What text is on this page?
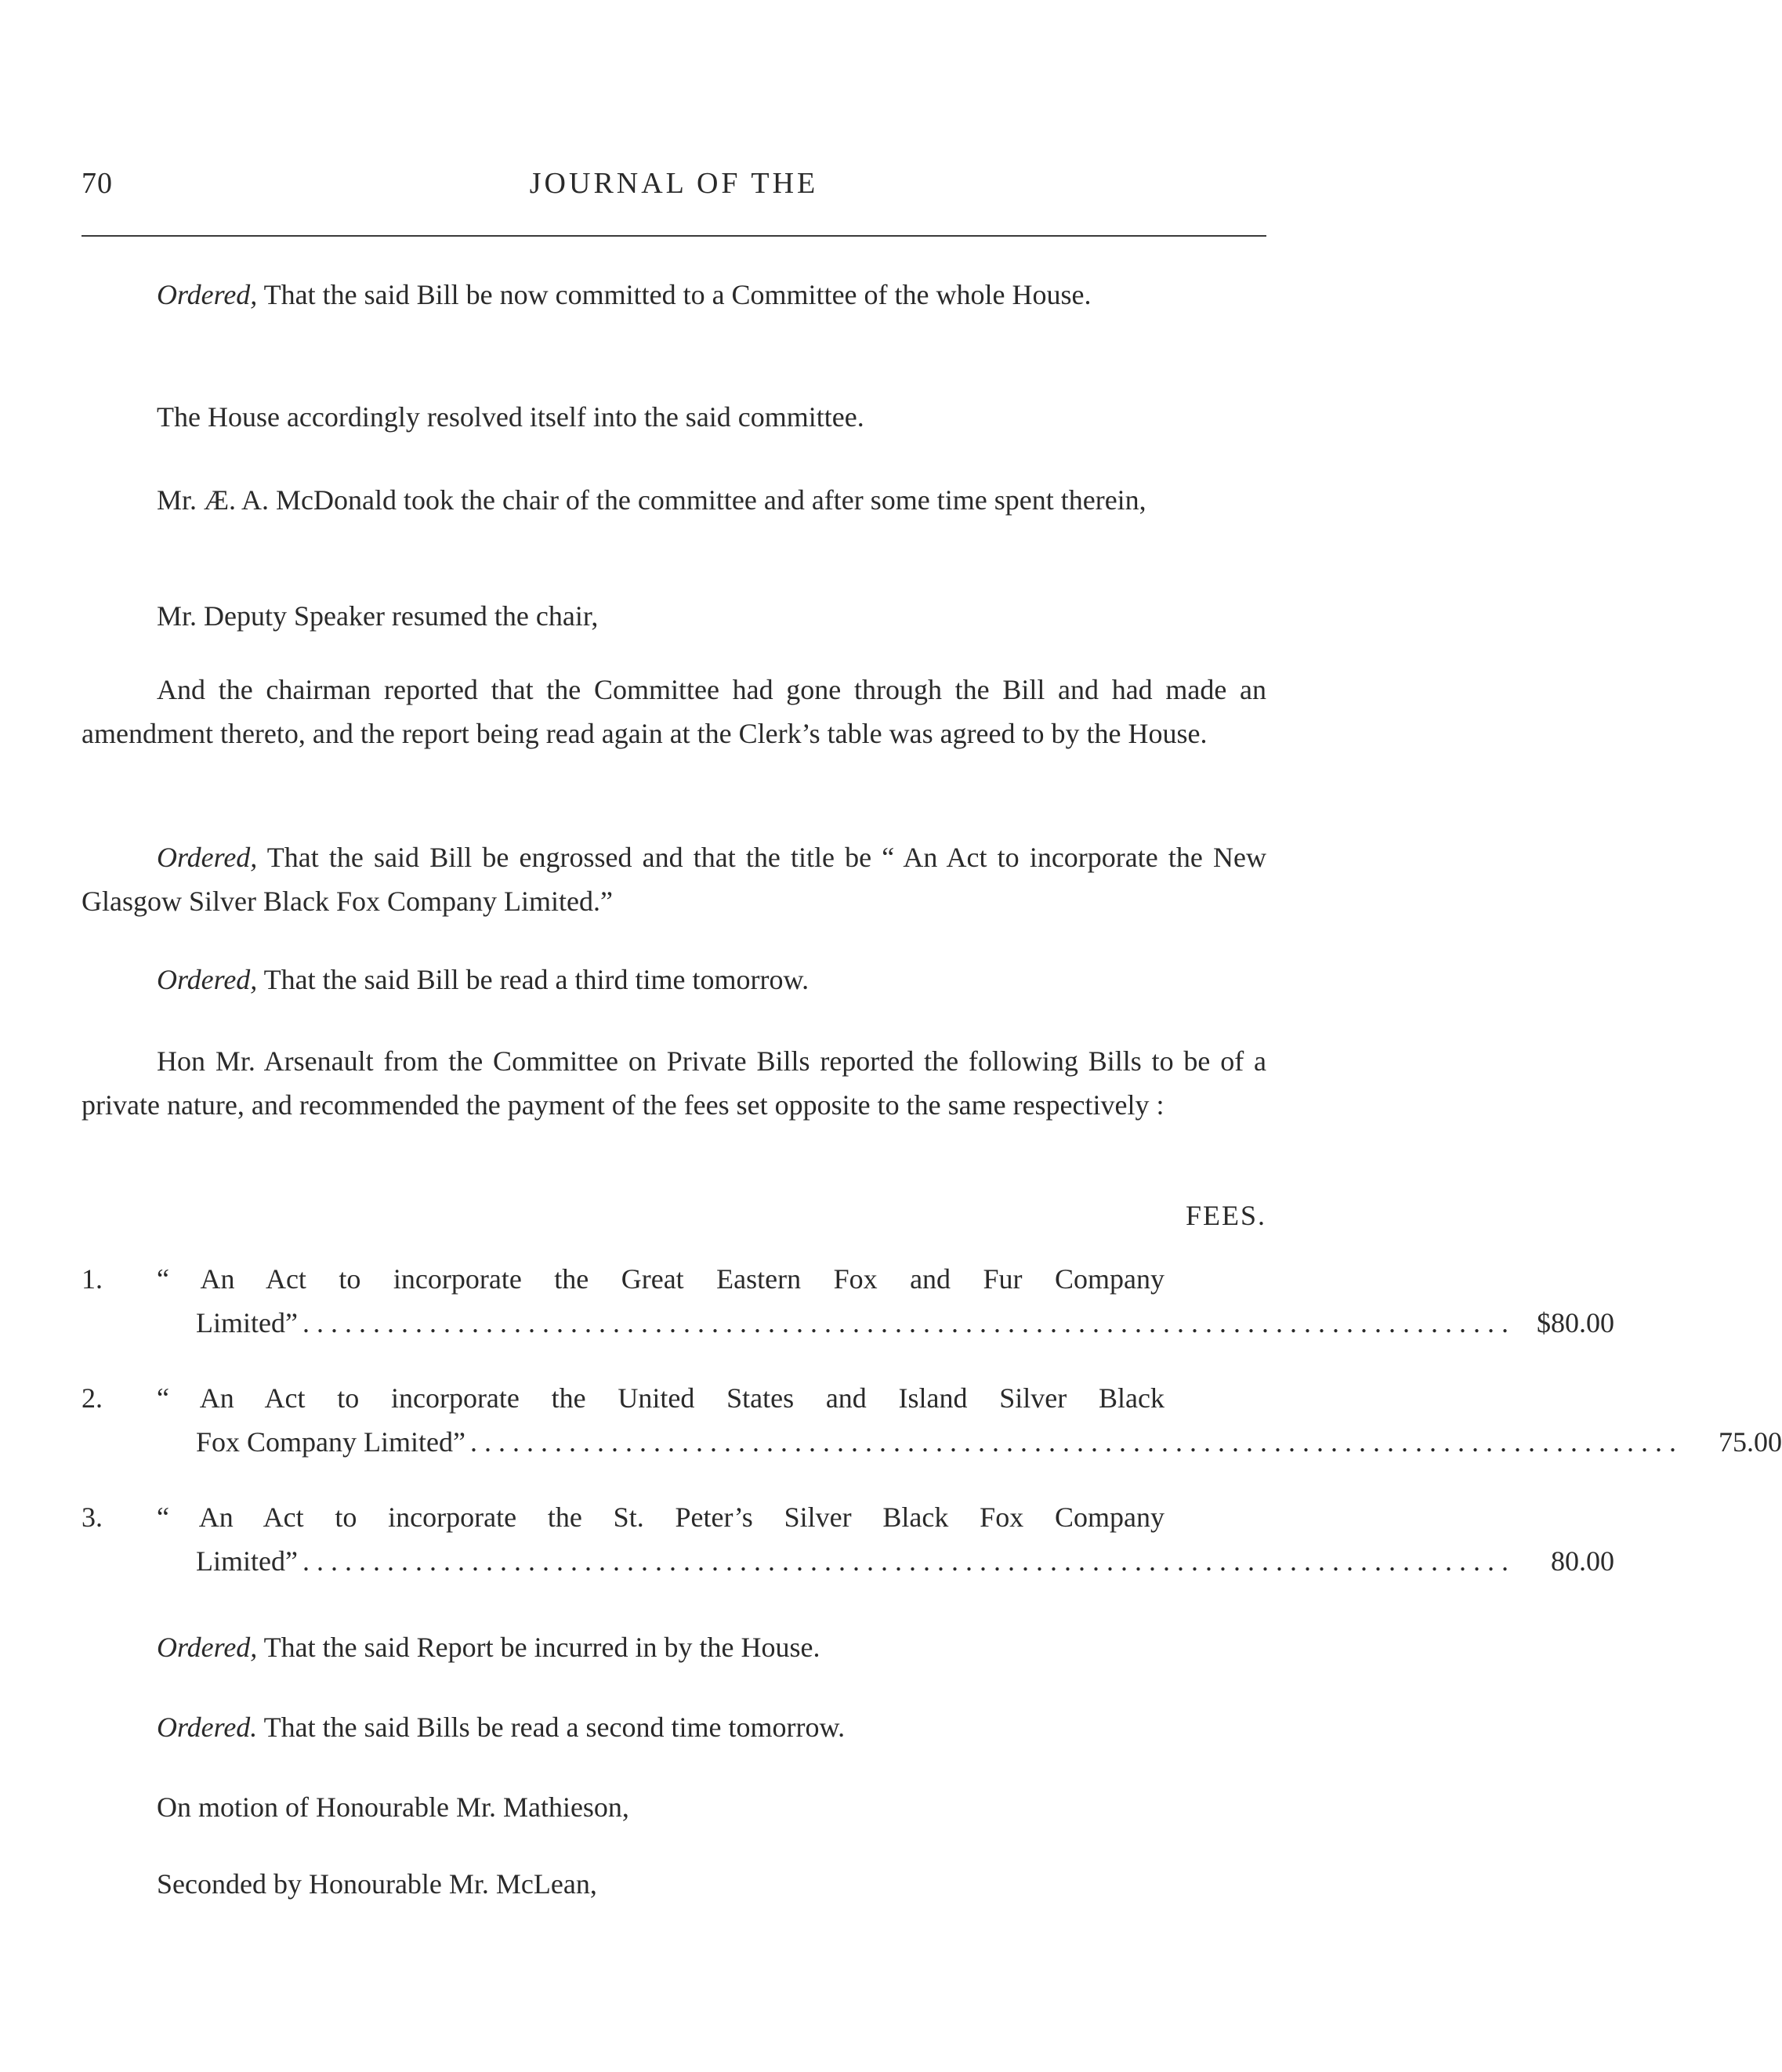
70	JOURNAL OF THE
Ordered, That the said Bill be now committed to a Committee of the whole House.
The House accordingly resolved itself into the said committee.
Mr. Æ. A. McDonald took the chair of the committee and after some time spent therein,
Mr. Deputy Speaker resumed the chair,
And the chairman reported that the Committee had gone through the Bill and had made an amendment thereto, and the report being read again at the Clerk’s table was agreed to by the House.
Ordered, That the said Bill be engrossed and that the title be “ An Act to incorporate the New Glasgow Silver Black Fox Company Limited.”
Ordered, That the said Bill be read a third time tomorrow.
Hon Mr. Arsenault from the Committee on Private Bills reported the following Bills to be of a private nature, and recommended the payment of the fees set opposite to the same respectively :
FEES.
1. “ An Act to incorporate the Great Eastern Fox and Fur Company
Limited” ...................................................................................... $80.00
2. “ An Act to incorporate the United States and Island Silver Black
Fox Company Limited” ......................................................................................	75.00
3. “ An Act to incorporate the St. Peter’s Silver Black Fox Company
Limited” ......................................................................................	80.00
Ordered, That the said Report be incurred in by the House.
Ordered. That the said Bills be read a second time tomorrow.
On motion of Honourable Mr. Mathieson,
Seconded by Honourable Mr. McLean,
